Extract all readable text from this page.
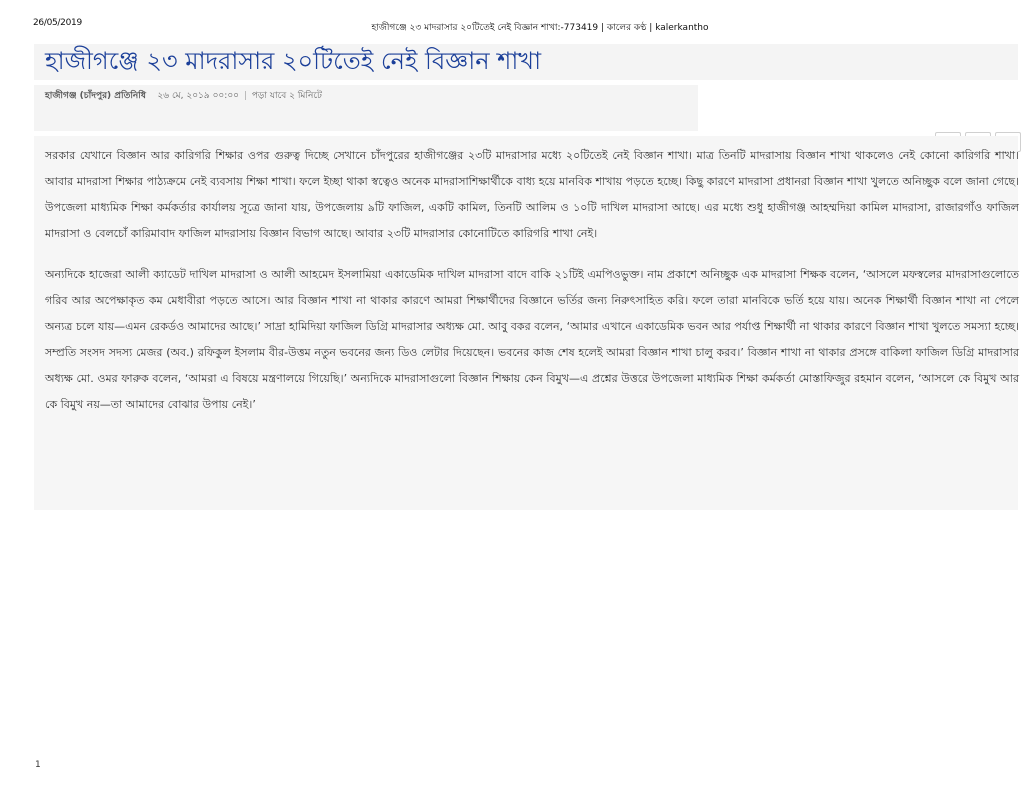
26/05/2019	হাজীগঞ্জে ২৩ মাদরাসার ২০টিতেই নেই বিজ্ঞান শাখা:-773419 | কালের কণ্ঠ | kalerkantho
হাজীগঞ্জে ২৩ মাদরাসার ২০টিতেই নেই বিজ্ঞান শাখা
হাজীগঞ্জ (চাঁদপুর) প্রতিনিধি ২৬ মে, ২০১৯ ০০:০০ | পড়া যাবে ২ মিনিটে

সরকার যেখানে বিজ্ঞান আর কারিগরি শিক্ষার ওপর গুরুত্ব দিচ্ছে সেখানে চাঁদপুরের হাজীগঞ্জের ২৩টি মাদরাসার মধ্যে ২০টিতেই নেই বিজ্ঞান শাখা। মাত্র তিনটি মাদরাসায় বিজ্ঞান শাখা থাকলেও নেই কোনো কারিগরি শাখা। আবার মাদরাসা শিক্ষার পাঠ্যক্রমে নেই ব্যবসায় শিক্ষা শাখা। ফলে ইচ্ছা থাকা স্বত্বেও অনেক মাদরাসাশিক্ষার্থীকে বাধ্য হয়ে মানবিক শাখায় পড়তে হচ্ছে। কিছু কারণে মাদরাসা প্রধানরা বিজ্ঞান শাখা খুলতে অনিচ্ছুক বলে জানা গেছে। উপজেলা মাধ্যমিক শিক্ষা কর্মকর্তার কার্যালয় সূত্রে জানা যায়, উপজেলায় ৯টি ফাজিল, একটি কামিল, তিনটি আলিম ও ১০টি দাখিল মাদরাসা আছে। এর মধ্যে শুধু হাজীগঞ্জ আহম্মদিয়া কামিল মাদরাসা, রাজারগাঁও ফাজিল মাদরাসা ও বেলচোঁ কারিমাবাদ ফাজিল মাদরাসায় বিজ্ঞান বিভাগ আছে। আবার ২৩টি মাদরাসার কোনোটিতে কারিগরি শাখা নেই।

অন্যদিকে হাজেরা আলী ক্যাডেট দাখিল মাদরাসা ও আলী আহমেদ ইসলামিয়া একাডেমিক দাখিল মাদরাসা বাদে বাকি ২১টিই এমপিওভুক্ত। নাম প্রকাশে অনিচ্ছুক এক মাদরাসা শিক্ষক বলেন, ‘আসলে মফস্বলের মাদরাসাগুলোতে গরিব আর অপেক্ষাকৃত কম মেধাবীরা পড়তে আসে। আর বিজ্ঞান শাখা না থাকার কারণে আমরা শিক্ষার্থীদের বিজ্ঞানে ভর্তির জন্য নিরুৎসাহিত করি। ফলে তারা মানবিকে ভর্তি হয়ে যায়। অনেক শিক্ষার্থী বিজ্ঞান শাখা না পেলে অন্যত্র চলে যায়—এমন রেকর্ডও আমাদের আছে।’ সাদ্রা হামিদিয়া ফাজিল ডিগ্রি মাদরাসার অধ্যক্ষ মো. আবু বকর বলেন, ‘আমার এখানে একাডেমিক ভবন আর পর্যাপ্ত শিক্ষার্থী না থাকার কারণে বিজ্ঞান শাখা খুলতে সমস্যা হচ্ছে। সম্প্রতি সংসদ সদস্য মেজর (অব.) রফিকুল ইসলাম বীর-উত্তম নতুন ভবনের জন্য ডিও লেটার দিয়েছেন। ভবনের কাজ শেষ হলেই আমরা বিজ্ঞান শাখা চালু করব।’ বিজ্ঞান শাখা না থাকার প্রসঙ্গে বাকিলা ফাজিল ডিগ্রি মাদরাসার অধ্যক্ষ মো. ওমর ফারুক বলেন, ‘আমরা এ বিষয়ে মন্ত্রণালয়ে গিয়েছি।’ অন্যদিকে মাদরাসাগুলো বিজ্ঞান শিক্ষায় কেন বিমুখ—এ প্রশ্নের উত্তরে উপজেলা মাধ্যমিক শিক্ষা কর্মকর্তা মোস্তাফিজুর রহমান বলেন, ‘আসলে কে বিমুখ আর কে বিমুখ নয়—তা আমাদের বোঝার উপায় নেই।’

1
